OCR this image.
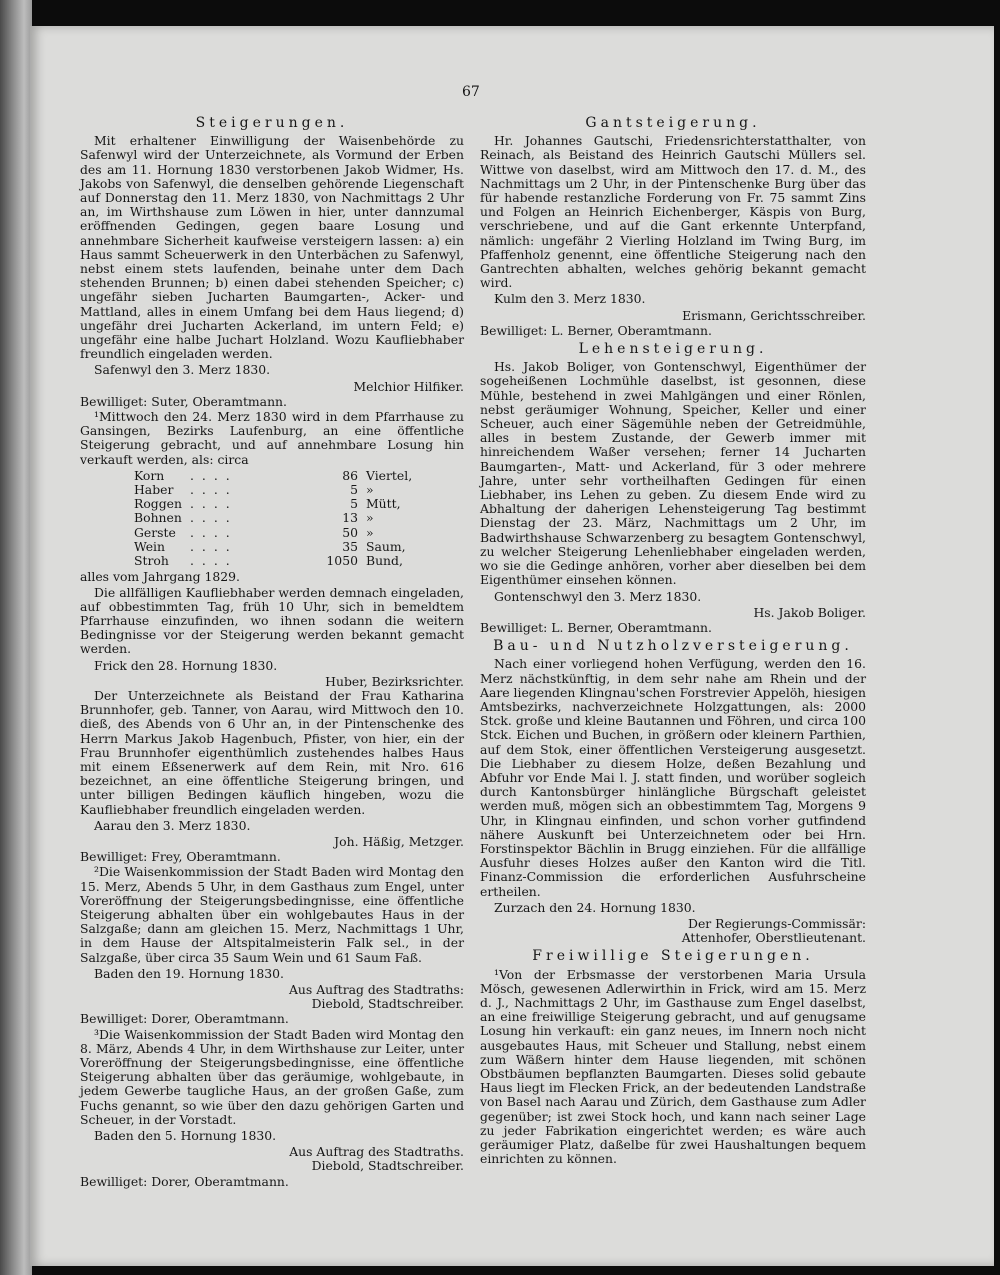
67
Steigerungen.

Mit erhaltener Einwilligung der Waisenbehörde zu Safenwyl wird der Unterzeichnete, als Vormund der Erben des am 11. Hornung 1830 verstorbenen Jakob Widmer, Hs. Jakobs von Safenwyl, die denselben gehörende Liegenschaft auf Donnerstag den 11. Merz 1830, von Nachmittags 2 Uhr an, im Wirthshause zum Löwen in hier, unter dannzumal eröffnenden Gedingen, gegen baare Losung und annehmbare Sicherheit kaufweise versteigern lassen: a) ein Haus sammt Scheuerwerk in den Unterbächen zu Safenwyl, nebst einem stets laufenden, beinahe unter dem Dach stehenden Brunnen; b) einen dabei stehenden Speicher; c) ungefähr sieben Jucharten Baumgarten-, Acker- und Mattland, alles in einem Umfang bei dem Haus liegend; d) ungefähr drei Jucharten Ackerland, im untern Feld; e) ungefähr eine halbe Juchart Holzland. Wozu Kaufliebhaber freundlich eingeladen werden.

Safenwyl den 3. Merz 1830.
Melchior Hilfiker.
Bewilliget: Suter, Oberamtmann.

¹Mittwoch den 24. Merz 1830 wird in dem Pfarrhause zu Gansingen, Bezirks Laufenburg, an eine öffentliche Steigerung gebracht, und auf annehmbare Losung hin verkauft werden, als: circa

Korn	....	86	Viertel,
Haber	....	5	»
Roggen	....	5	Mütt,
Bohnen	....	13	»
Gerste	....	50	»
Wein	....	35	Saum,
Stroh	....	1050	Bund,
alles vom Jahrgang 1829.

Die allfälligen Kaufliebhaber werden demnach eingeladen, auf obbestimmten Tag, früh 10 Uhr, sich in bemeldtem Pfarrhause einzufinden, wo ihnen sodann die weitern Bedingnisse vor der Steigerung werden bekannt gemacht werden.

Frick den 28. Hornung 1830.
Huber, Bezirksrichter.

Der Unterzeichnete als Beistand der Frau Katharina Brunnhofer, geb. Tanner, von Aarau, wird Mittwoch den 10. dieß, des Abends von 6 Uhr an, in der Pintenschenke des Herrn Markus Jakob Hagenbuch, Pfister, von hier, ein der Frau Brunnhofer eigenthümlich zustehendes halbes Haus mit einem Eßsenerwerk auf dem Rein, mit Nro. 616 bezeichnet, an eine öffentliche Steigerung bringen, und unter billigen Bedingen käuflich hingeben, wozu die Kaufliebhaber freundlich eingeladen werden.

Aarau den 3. Merz 1830.
Joh. Häßig, Metzger.
Bewilliget: Frey, Oberamtmann.

²Die Waisenkommission der Stadt Baden wird Montag den 15. Merz, Abends 5 Uhr, in dem Gasthaus zum Engel, unter Voreröffnung der Steigerungsbedingnisse, eine öffentliche Steigerung abhalten über ein wohlgebautes Haus in der Salzgaße; dann am gleichen 15. Merz, Nachmittags 1 Uhr, in dem Hause der Altspitalmeisterin Falk sel., in der Salzgaße, über circa 35 Saum Wein und 61 Saum Faß.

Baden den 19. Hornung 1830.
Aus Auftrag des Stadtraths:
Diebold, Stadtschreiber.
Bewilliget: Dorer, Oberamtmann.

³Die Waisenkommission der Stadt Baden wird Montag den 8. März, Abends 4 Uhr, in dem Wirthshause zur Leiter, unter Voreröffnung der Steigerungsbedingnisse, eine öffentliche Steigerung abhalten über das geräumige, wohlgebaute, in jedem Gewerbe taugliche Haus, an der großen Gaße, zum Fuchs genannt, so wie über den dazu gehörigen Garten und Scheuer, in der Vorstadt.

Baden den 5. Hornung 1830.
Aus Auftrag des Stadtraths.
Diebold, Stadtschreiber.
Bewilliget: Dorer, Oberamtmann.
Gantsteigerung.

Hr. Johannes Gautschi, Friedensrichterstatthalter, von Reinach, als Beistand des Heinrich Gautschi Müllers sel. Wittwe von daselbst, wird am Mittwoch den 17. d. M., des Nachmittags um 2 Uhr, in der Pintenschenke Burg über das für habende restanzliche Forderung von Fr. 75 sammt Zins und Folgen an Heinrich Eichenberger, Käspis von Burg, verschriebene, und auf die Gant erkennte Unterpfand, nämlich: ungefähr 2 Vierling Holzland im Twing Burg, im Pfaffenholz genennt, eine öffentliche Steigerung nach den Gantrechten abhalten, welches gehörig bekannt gemacht wird.

Kulm den 3. Merz 1830.
Erismann, Gerichtsschreiber.
Bewilliget: L. Berner, Oberamtmann.
Lehensteigerung.

Hs. Jakob Boliger, von Gontenschwyl, Eigenthümer der sogeheißenen Lochmühle daselbst, ist gesonnen, diese Mühle, bestehend in zwei Mahlgängen und einer Rönlen, nebst geräumiger Wohnung, Speicher, Keller und einer Scheuer, auch einer Sägemühle neben der Getreidmühle, alles in bestem Zustande, der Gewerb immer mit hinreichendem Waßer versehen; ferner 14 Jucharten Baumgarten-, Matt- und Ackerland, für 3 oder mehrere Jahre, unter sehr vortheilhaften Gedingen für einen Liebhaber, ins Lehen zu geben. Zu diesem Ende wird zu Abhaltung der daherigen Lehensteigerung Tag bestimmt Dienstag der 23. März, Nachmittags um 2 Uhr, im Badwirthshause Schwarzenberg zu besagtem Gontenschwyl, zu welcher Steigerung Lehenliebhaber eingeladen werden, wo sie die Gedinge anhören, vorher aber dieselben bei dem Eigenthümer einsehen können.

Gontenschwyl den 3. Merz 1830.
Hs. Jakob Boliger.
Bewilliget: L. Berner, Oberamtmann.
Bau- und Nutzholzversteigerung.

Nach einer vorliegend hohen Verfügung, werden den 16. Merz nächstkünftig, in dem sehr nahe am Rhein und der Aare liegenden Klingnau'schen Forstrevier Appelöh, hiesigen Amtsbezirks, nachverzeichnete Holzgattungen, als: 2000 Stck. große und kleine Bautannen und Föhren, und circa 100 Stck. Eichen und Buchen, in größern oder kleinern Parthien, auf dem Stok, einer öffentlichen Versteigerung ausgesetzt. Die Liebhaber zu diesem Holze, deßen Bezahlung und Abfuhr vor Ende Mai l. J. statt finden, und worüber sogleich durch Kantonsbürger hinlängliche Bürgschaft geleistet werden muß, mögen sich an obbestimmtem Tag, Morgens 9 Uhr, in Klingnau einfinden, und schon vorher gutfindend nähere Auskunft bei Unterzeichnetem oder bei Hrn. Forstinspektor Bächlin in Brugg einziehen. Für die allfällige Ausfuhr dieses Holzes außer den Kanton wird die Titl. Finanz-Commission die erforderlichen Ausfuhrscheine ertheilen.

Zurzach den 24. Hornung 1830.
Der Regierungs-Commissär:
Attenhofer, Oberstlieutenant.
Freiwillige Steigerungen.

¹Von der Erbsmasse der verstorbenen Maria Ursula Mösch, gewesenen Adlerwirthin in Frick, wird am 15. Merz d. J., Nachmittags 2 Uhr, im Gasthause zum Engel daselbst, an eine freiwillige Steigerung gebracht, und auf genugsame Losung hin verkauft: ein ganz neues, im Innern noch nicht ausgebautes Haus, mit Scheuer und Stallung, nebst einem zum Wäßern hinter dem Hause liegenden, mit schönen Obstbäumen bepflanzten Baumgarten. Dieses solid gebaute Haus liegt im Flecken Frick, an der bedeutenden Landstraße von Basel nach Aarau und Zürich, dem Gasthause zum Adler gegenüber; ist zwei Stock hoch, und kann nach seiner Lage zu jeder Fabrikation eingerichtet werden; es wäre auch geräumiger Platz, daßelbe für zwei Haushaltungen bequem einrichten zu können.
